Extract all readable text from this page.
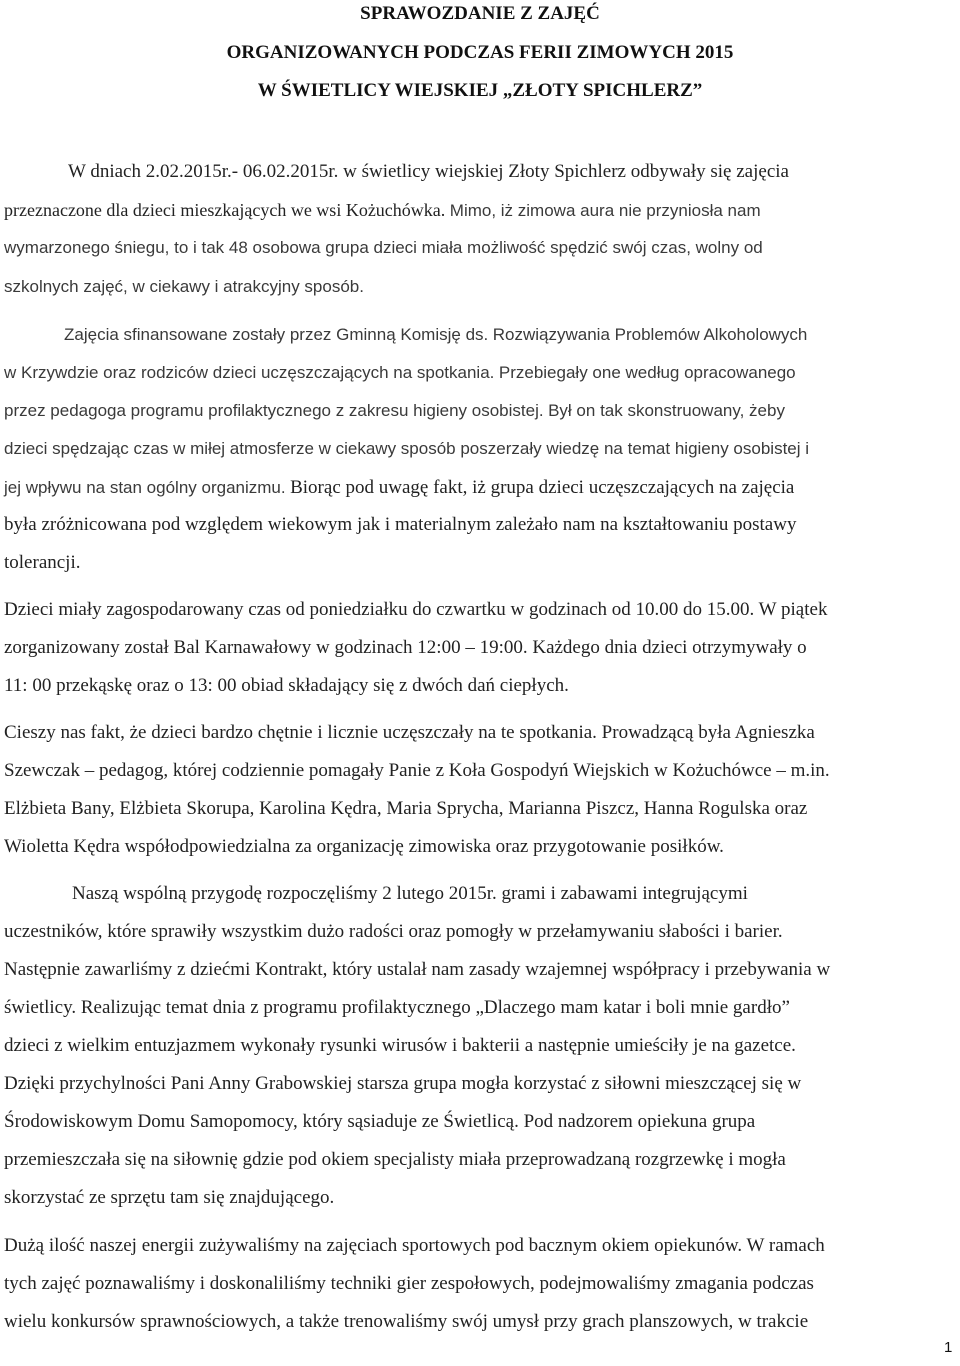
SPRAWOZDANIE Z ZAJĘĆ
ORGANIZOWANYCH PODCZAS FERII ZIMOWYCH 2015
W ŚWIETLICY WIEJSKIEJ „ZŁOTY SPICHLERZ”
W dniach 2.02.2015r.- 06.02.2015r. w świetlicy wiejskiej Złoty Spichlerz odbywały się zajęcia
przeznaczone dla dzieci mieszkających we wsi Kożuchówka. Mimo, iż zimowa aura nie przyniosła nam
wymarzonego śniegu, to i tak 48 osobowa grupa dzieci miała możliwość spędzić swój czas, wolny od
szkolnych zajęć, w ciekawy i atrakcyjny sposób.
Zajęcia sfinansowane zostały przez Gminną Komisję ds. Rozwiązywania Problemów Alkoholowych
w Krzywdzie oraz rodziców dzieci uczęszczających na spotkania. Przebiegały one według opracowanego
przez pedagoga programu profilaktycznego z zakresu higieny osobistej. Był on tak skonstruowany, żeby
dzieci spędzając czas w miłej atmosferze w ciekawy sposób poszerzały wiedzę na temat higieny osobistej i
jej wpływu na stan ogólny organizmu. Biorąc pod uwagę fakt, iż grupa dzieci uczęszczających na zajęcia
była zróżnicowana pod względem wiekowym jak i materialnym zależało nam na kształtowaniu postawy
tolerancji.
Dzieci miały zagospodarowany czas od poniedziałku do czwartku w godzinach od 10.00 do 15.00. W piątek
zorganizowany został Bal Karnawałowy w godzinach 12:00 – 19:00. Każdego dnia dzieci otrzymywały o
11: 00 przekąskę oraz o 13: 00 obiad składający się z dwóch dań ciepłych.
Cieszy nas fakt, że dzieci bardzo chętnie i licznie uczęszczały na te spotkania. Prowadzącą była Agnieszka
Szewczak – pedagog, której codziennie pomagały Panie z Koła Gospodyń Wiejskich w Kożuchówce – m.in.
Elżbieta Bany, Elżbieta Skorupa, Karolina Kędra, Maria Sprycha, Marianna Piszcz, Hanna Rogulska oraz
Wioletta Kędra współodpowiedzialna za organizację zimowiska oraz przygotowanie posiłków.
Naszą wspólną przygodę rozpoczęliśmy 2 lutego 2015r. grami i zabawami integrującymi
uczestników, które sprawiły wszystkim dużo radości oraz pomogły w przełamywaniu słabości i barier.
Następnie zawarliśmy z dziećmi Kontrakt, który ustalał nam zasady wzajemnej współpracy i przebywania w
świetlicy. Realizując temat dnia z programu profilaktycznego „Dlaczego mam katar i boli mnie gardło”
dzieci z wielkim entuzjazmem wykonały rysunki wirusów i bakterii a następnie umieściły je na gazetce.
Dzięki przychylności Pani Anny Grabowskiej starsza grupa mogła korzystać z siłowni mieszczącej się w
Środowiskowym Domu Samopomocy, który sąsiaduje ze Świetlicą. Pod nadzorem opiekuna grupa
przemieszczała się na siłownię gdzie pod okiem specjalisty miała przeprowadzaną rozgrzewkę i mogła
skorzystać ze sprzętu tam się znajdującego.
Dużą ilość naszej energii zużywaliśmy na zajęciach sportowych pod bacznym okiem opiekunów. W ramach
tych zajęć poznawaliśmy i doskonaliliśmy techniki gier zespołowych, podejmowaliśmy zmagania podczas
wielu konkursów sprawnościowych, a także trenowaliśmy swój umysł przy grach planszowych, w trakcie
1
